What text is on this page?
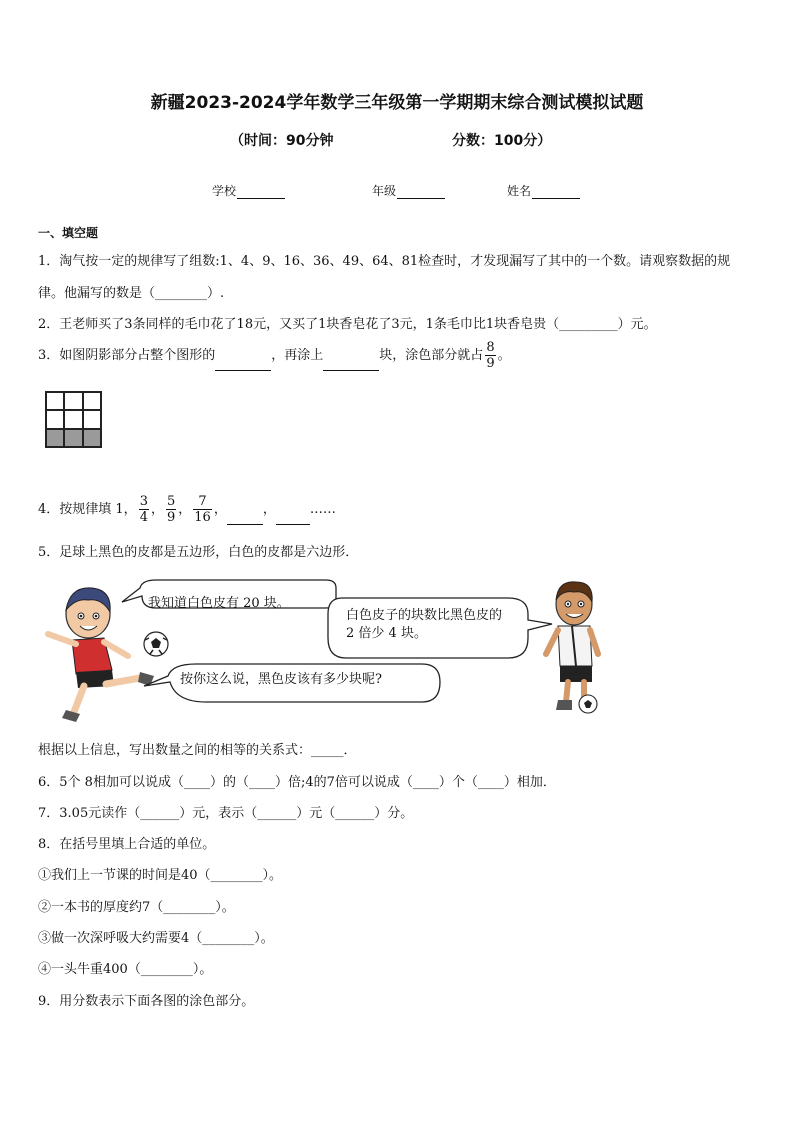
新疆2023-2024学年数学三年级第一学期期末综合测试模拟试题
（时间：90分钟	分数：100分）
学校	年级	姓名
一、填空题
1．淘气按一定的规律写了组数:1、4、9、16、36、49、64、81检查时，才发现漏写了其中的一个数。请观察数据的规
律。他漏写的数是（________）.
2．王老师买了3条同样的毛巾花了18元，又买了1块香皂花了3元，1条毛巾比1块香皂贵（_________）元。
3．如图阴影部分占整个图形的	，再涂上	块，涂色部分就占 $\frac{8}{9}$ 。
4．按规律填 1， $\frac{3}{4}$ ， $\frac{5}{9}$ ， $\frac{7}{16}$ ，	，	……
5．足球上黑色的皮都是五边形，白色的皮都是六边形．
我知道白色皮有 20 块。
白色皮子的块数比黑色皮的
2 倍少 4 块。
按你这么说，黑色皮该有多少块呢?
根据以上信息，写出数量之间的相等的关系式：_____．
6．5个 8相加可以说成（____）的（____）倍;4的7倍可以说成（____）个（____）相加．
7．3.05元读作（______）元，表示（______）元（______）分。
8．在括号里填上合适的单位。
①我们上一节课的时间是40（________）。
②一本书的厚度约7（________）。
③做一次深呼吸大约需要4（________）。
④一头牛重400（________）。
9．用分数表示下面各图的涂色部分。
